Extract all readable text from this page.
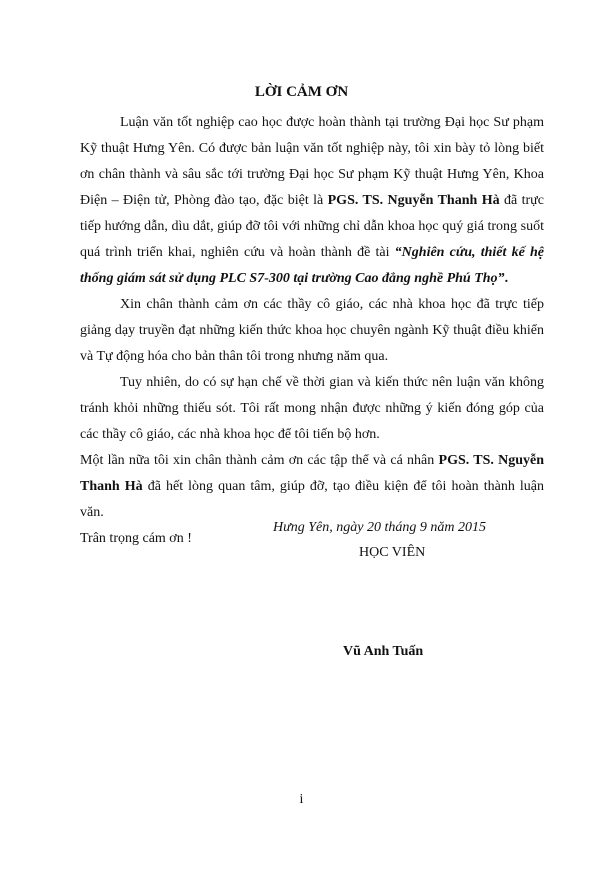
LỜI CẢM ƠN

Luận văn tốt nghiệp cao học được hoàn thành tại trường Đại học Sư phạm Kỹ thuật Hưng Yên. Có được bản luận văn tốt nghiệp này, tôi xin bày tỏ lòng biết ơn chân thành và sâu sắc tới trường Đại học Sư phạm Kỹ thuật Hưng Yên, Khoa Điện – Điện tử, Phòng đào tạo, đặc biệt là PGS. TS. Nguyễn Thanh Hà đã trực tiếp hướng dẫn, dìu dắt, giúp đỡ tôi với những chỉ dẫn khoa học quý giá trong suốt quá trình triển khai, nghiên cứu và hoàn thành đề tài “Nghiên cứu, thiết kế hệ thống giám sát sử dụng PLC S7-300 tại trường Cao đẳng nghề Phú Thọ”.

Xin chân thành cảm ơn các thầy cô giáo, các nhà khoa học đã trực tiếp giảng dạy truyền đạt những kiến thức khoa học chuyên ngành Kỹ thuật điều khiển và Tự động hóa cho bản thân tôi trong nhưng năm qua.

Tuy nhiên, do có sự hạn chế về thời gian và kiến thức nên luận văn không tránh khỏi những thiếu sót. Tôi rất mong nhận được những ý kiến đóng góp của các thầy cô giáo, các nhà khoa học để tôi tiến bộ hơn.

Một lần nữa tôi xin chân thành cảm ơn các tập thể và cá nhân PGS. TS. Nguyễn Thanh Hà đã hết lòng quan tâm, giúp đỡ, tạo điều kiện để tôi hoàn thành luận văn.

Trân trọng cám ơn !

Hưng Yên, ngày 20 tháng 9 năm 2015
HỌC VIÊN
Vũ Anh Tuấn
i
